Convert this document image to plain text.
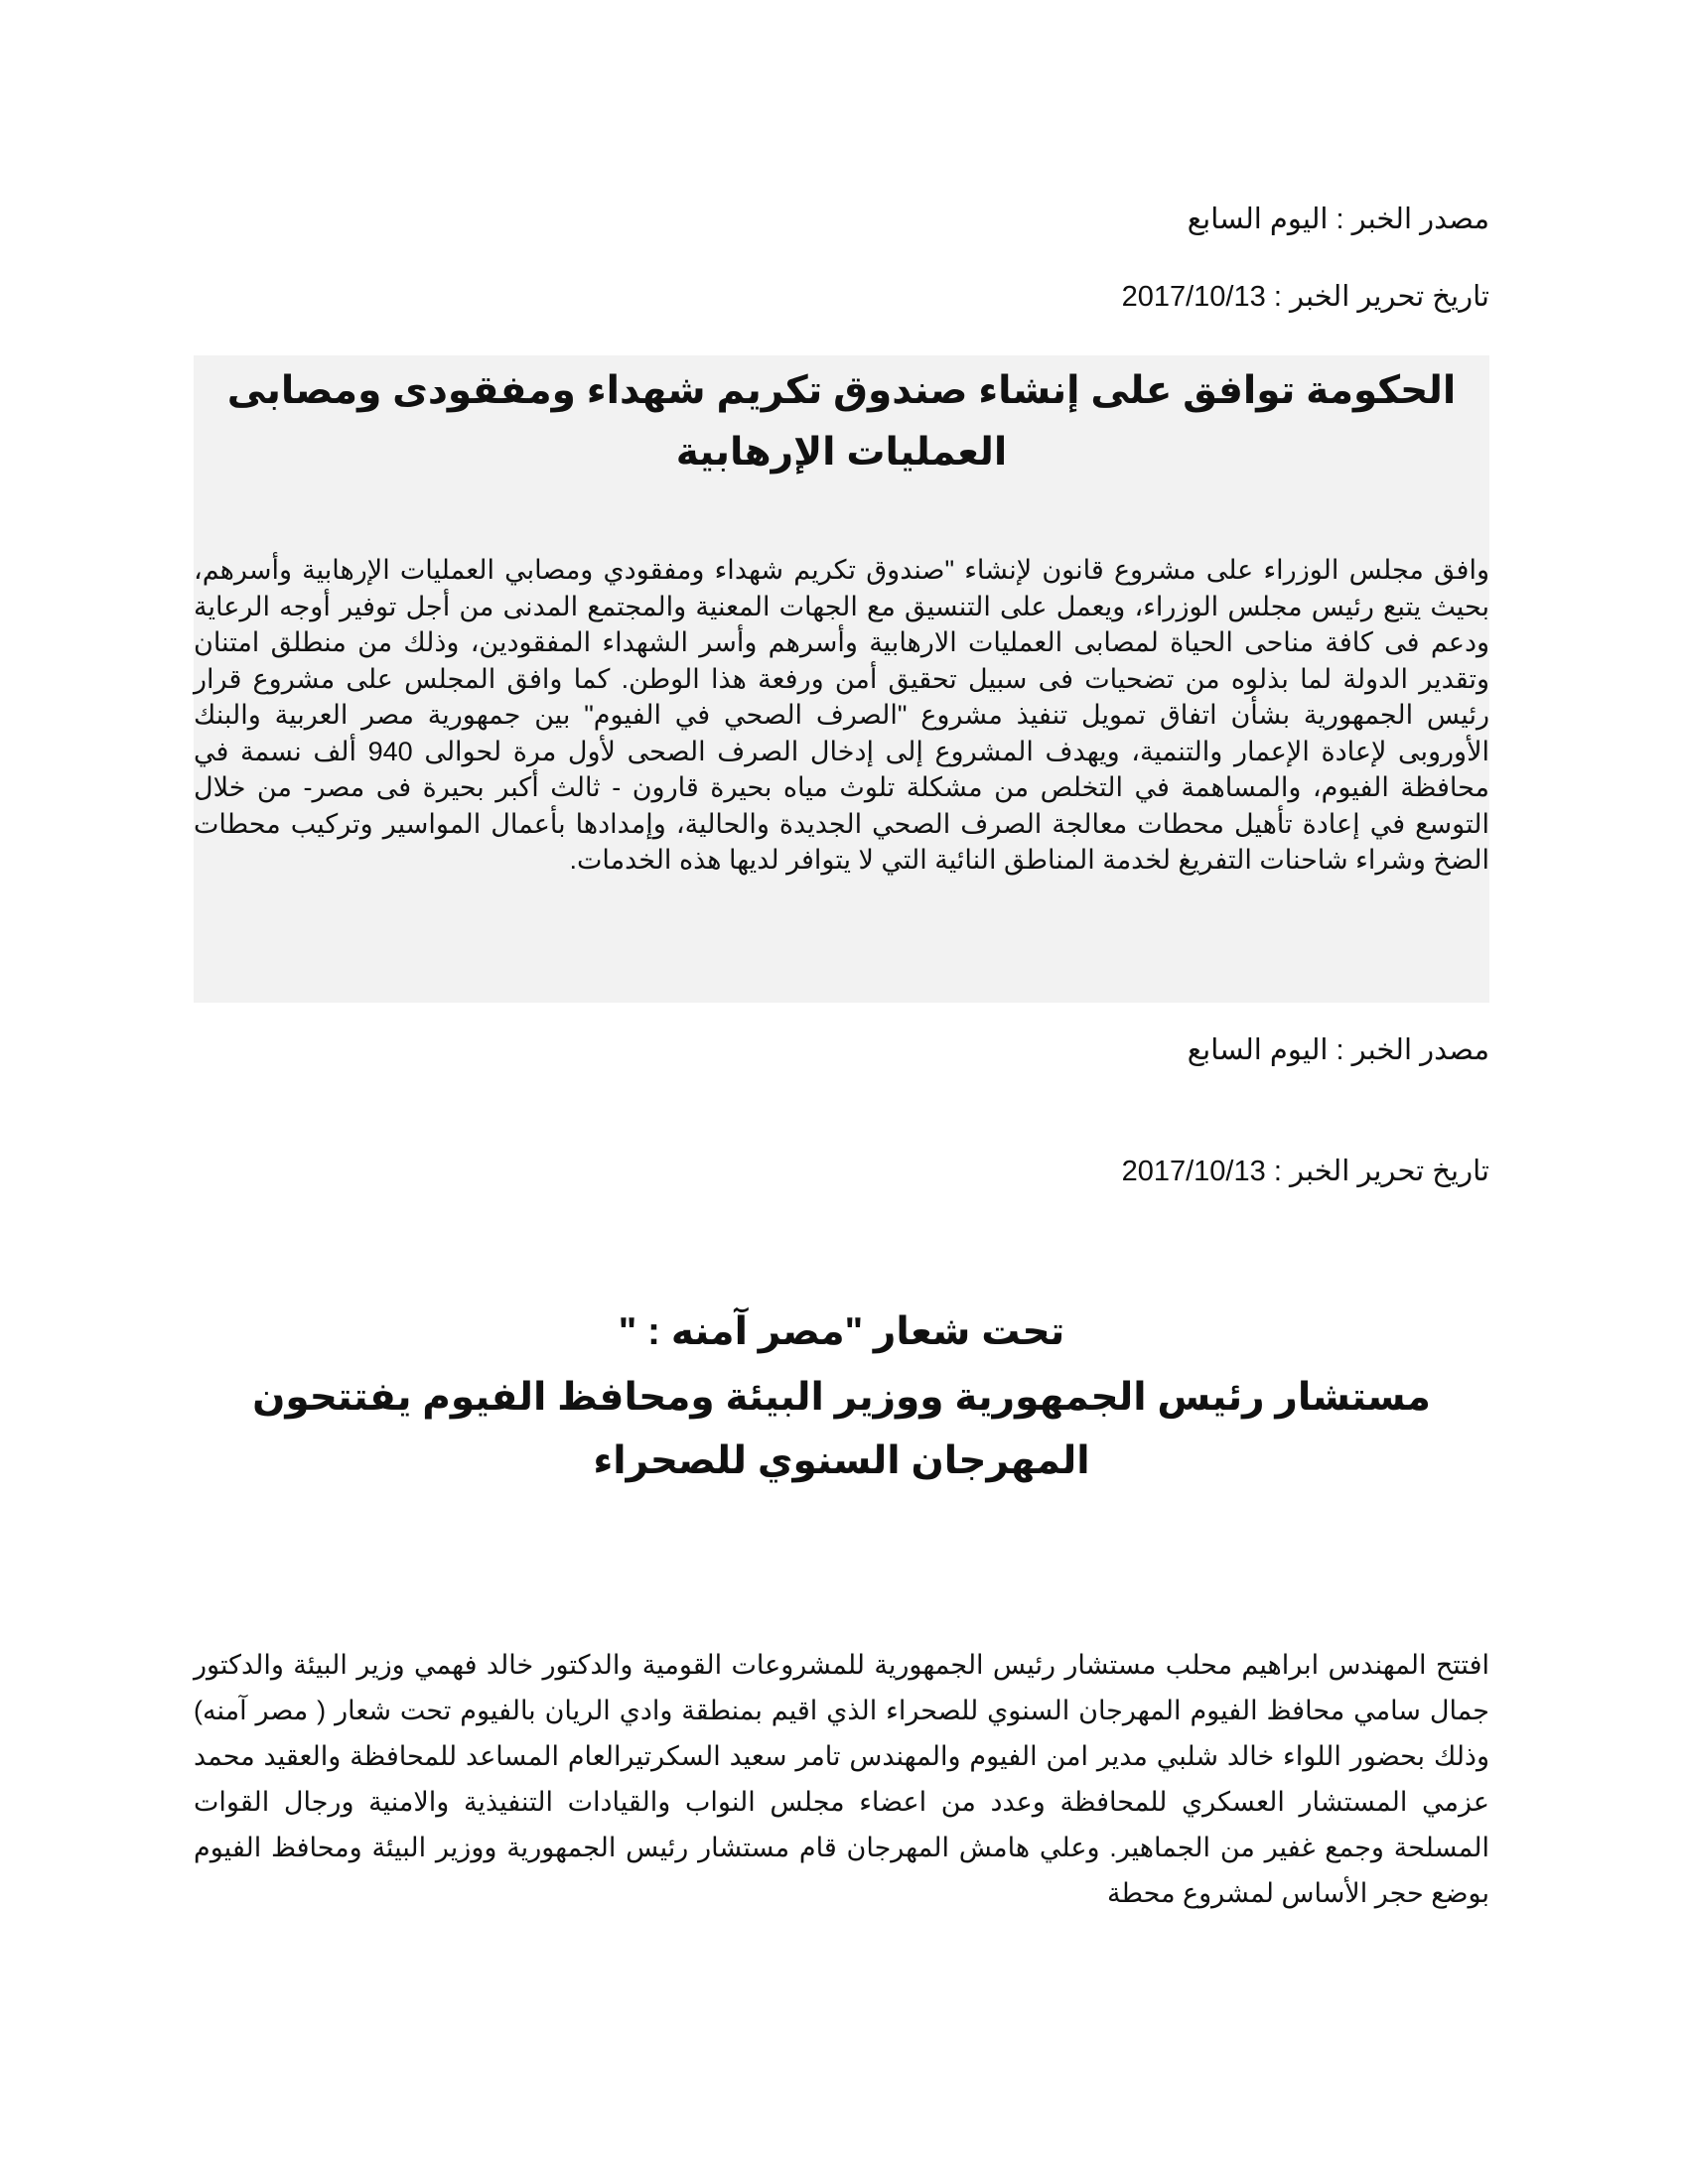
مصدر الخبر : اليوم السابع
تاريخ تحرير الخبر : 2017/10/13
الحكومة توافق على إنشاء صندوق تكريم شهداء ومفقودى ومصابى العمليات الإرهابية
وافق مجلس الوزراء على مشروع قانون لإنشاء "صندوق تكريم شهداء ومفقودي ومصابي العمليات الإرهابية وأسرهم، بحيث يتبع رئيس مجلس الوزراء، ويعمل على التنسيق مع الجهات المعنية والمجتمع المدنى من أجل توفير أوجه الرعاية ودعم فى كافة مناحى الحياة لمصابى العمليات الارهابية وأسرهم وأسر الشهداء المفقودين، وذلك من منطلق امتنان وتقدير الدولة لما بذلوه من تضحيات فى سبيل تحقيق أمن ورفعة هذا الوطن. كما وافق المجلس على مشروع قرار رئيس الجمهورية بشأن اتفاق تمويل تنفيذ مشروع "الصرف الصحي في الفيوم" بين جمهورية مصر العربية والبنك الأوروبى لإعادة الإعمار والتنمية، ويهدف المشروع إلى إدخال الصرف الصحى لأول مرة لحوالى 940 ألف نسمة في محافظة الفيوم، والمساهمة في التخلص من مشكلة تلوث مياه بحيرة قارون - ثالث أكبر بحيرة فى مصر- من خلال التوسع في إعادة تأهيل محطات معالجة الصرف الصحي الجديدة والحالية، وإمدادها بأعمال المواسير وتركيب محطات الضخ وشراء شاحنات التفريغ لخدمة المناطق النائية التي لا يتوافر لديها هذه الخدمات.
مصدر الخبر : اليوم السابع
تاريخ تحرير الخبر : 2017/10/13
تحت شعار "مصر آمنه : "
مستشار رئيس الجمهورية ووزير البيئة ومحافظ الفيوم يفتتحون المهرجان السنوي للصحراء
افتتح المهندس ابراهيم محلب مستشار رئيس الجمهورية للمشروعات القومية والدكتور خالد فهمي وزير البيئة والدكتور جمال سامي محافظ الفيوم المهرجان السنوي للصحراء الذي اقيم بمنطقة وادي الريان بالفيوم تحت شعار ( مصر آمنه) وذلك بحضور اللواء خالد شلبي مدير امن الفيوم والمهندس تامر سعيد السكرتيرالعام المساعد للمحافظة والعقيد محمد عزمي المستشار العسكري للمحافظة وعدد من اعضاء مجلس النواب والقيادات التنفيذية والامنية ورجال القوات المسلحة وجمع غفير من الجماهير. وعلي هامش المهرجان قام مستشار رئيس الجمهورية ووزير البيئة ومحافظ الفيوم بوضع حجر الأساس لمشروع محطة
